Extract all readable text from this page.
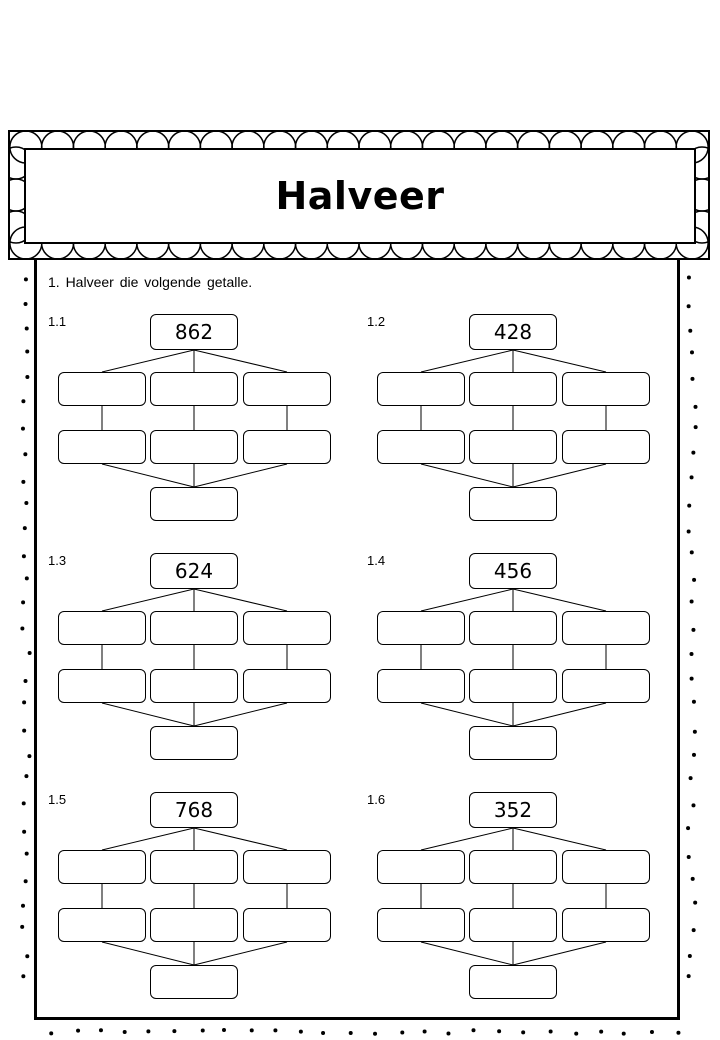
Halveer
1. Halveer die volgende getalle.
1.1	862	1.2	428
1.3	624	1.4	456
1.5	768	1.6	352
